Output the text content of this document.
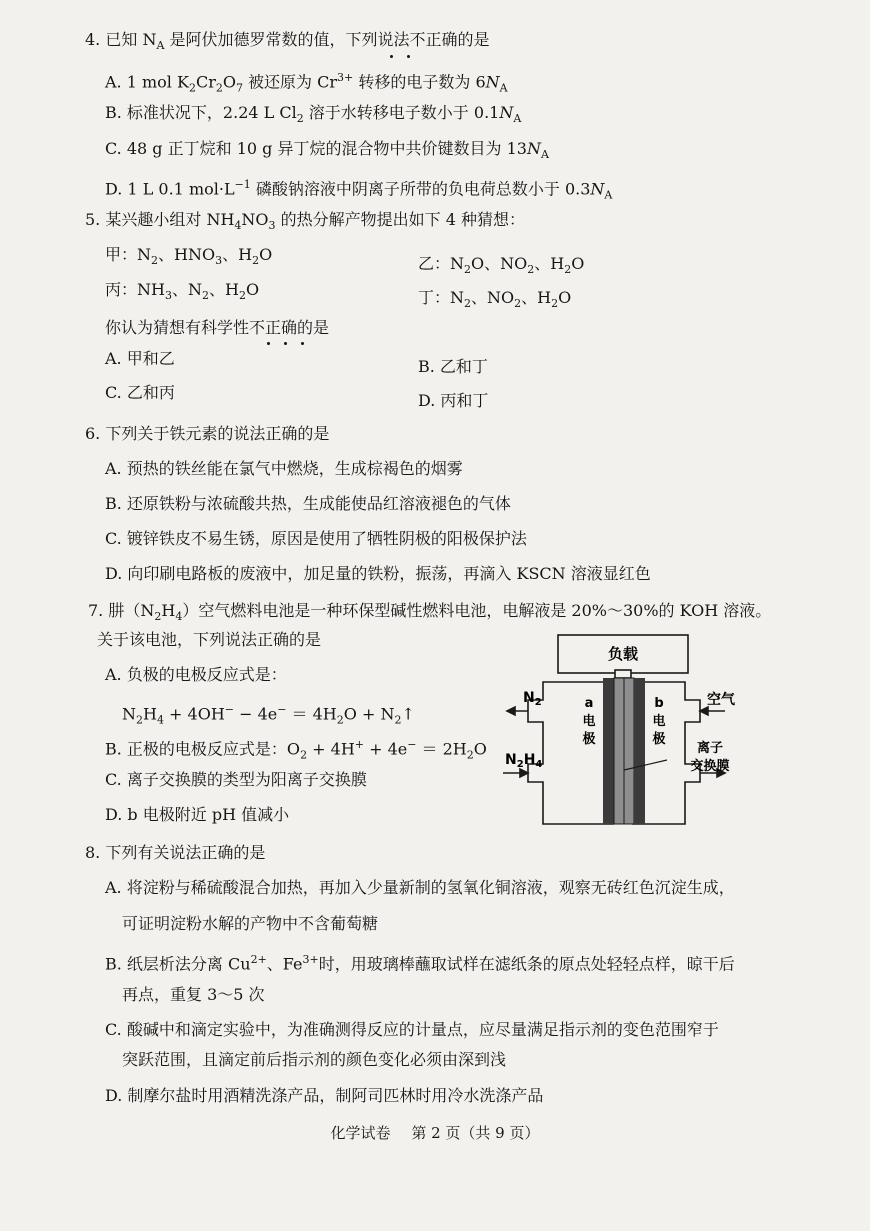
4. 已知 $N_A$ 是阿伏加德罗常数的值，下列说法不正确的是
A. 1 mol $K_2Cr_2O_7$ 被还原为 $Cr^{3+}$ 转移的电子数为 $6N_A$
B. 标准状况下，2.24 L $Cl_2$ 溶于水转移电子数小于 $0.1N_A$
C. 48 g 正丁烷和 10 g 异丁烷的混合物中共价键数目为 $13N_A$
D. 1 L 0.1 $mol\cdot L^{-1}$ 磷酸钠溶液中阴离子所带的负电荷总数小于 $0.3N_A$
5. 某兴趣小组对 $NH_4NO_3$ 的热分解产物提出如下 4 种猜想：
甲：$N_2$、$HNO_3$、$H_2O$	乙：$N_2O$、$NO_2$、$H_2O$
丙：$NH_3$、$N_2$、$H_2O$	丁：$N_2$、$NO_2$、$H_2O$
你认为猜想有科学性不正确的是
A. 甲和乙	B. 乙和丁
C. 乙和丙	D. 丙和丁
6. 下列关于铁元素的说法正确的是
A. 预热的铁丝能在氯气中燃烧，生成棕褐色的烟雾
B. 还原铁粉与浓硫酸共热，生成能使品红溶液褪色的气体
C. 镀锌铁皮不易生锈，原因是使用了牺牲阴极的阳极保护法
D. 向印刷电路板的废液中，加足量的铁粉，振荡，再滴入 KSCN 溶液显红色
7. 肼$(N_2H_4)$空气燃料电池是一种环保型碱性燃料电池，电解液是 20%～30%的 KOH 溶液。
关于该电池，下列说法正确的是
A. 负极的电极反应式是：
$N_2H_4 + 4OH^- - 4e^- = 4H_2O$ + $N_2↑$
B. 正极的电极反应式是：$O_2 + 4H^+ + 4e^- = 2H_2O$
C. 离子交换膜的类型为阳离子交换膜
D. b 电极附近 pH 值减小
负载
$N_2$	空气
$N_2H_4$
a
电
极
b
电
极
离子
交换膜
8. 下列有关说法正确的是
A. 将淀粉与稀硫酸混合加热，再加入少量新制的氢氧化铜溶液，观察无砖红色沉淀生成，
可证明淀粉水解的产物中不含葡萄糖
B. 纸层析法分离 $Cu^{2+}$、$Fe^{3+}$时，用玻璃棒蘸取试样在滤纸条的原点处轻轻点样，晾干后
再点，重复 3～5 次
C. 酸碱中和滴定实验中，为准确测得反应的计量点，应尽量满足指示剂的变色范围窄于
突跃范围，且滴定前后指示剂的颜色变化必须由深到浅
D. 制摩尔盐时用酒精洗涤产品，制阿司匹林时用冷水洗涤产品
化学试卷 第 2 页（共 9 页）
